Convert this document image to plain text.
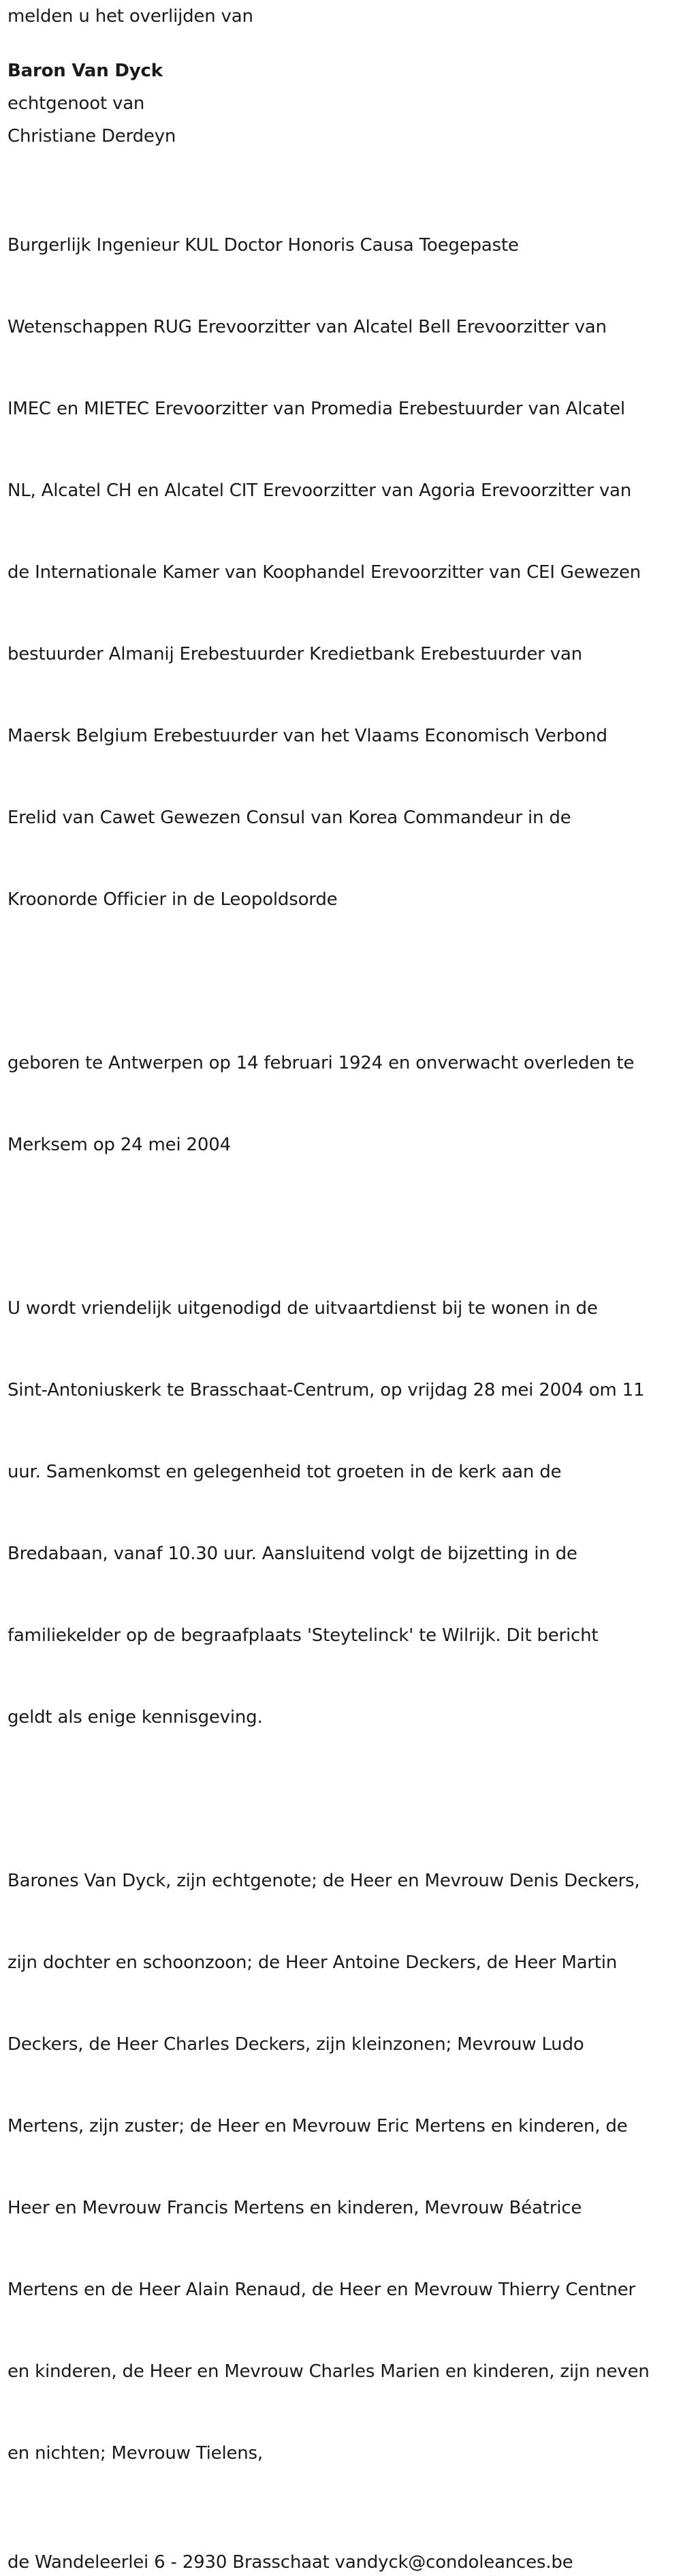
melden u het overlijden van

Baron Van Dyck

echtgenoot van

Christiane Derdeyn

Burgerlijk Ingenieur KUL Doctor Honoris Causa Toegepaste

Wetenschappen RUG Erevoorzitter van Alcatel Bell Erevoorzitter van

IMEC en MIETEC Erevoorzitter van Promedia Erebestuurder van Alcatel

NL, Alcatel CH en Alcatel CIT Erevoorzitter van Agoria Erevoorzitter van

de Internationale Kamer van Koophandel Erevoorzitter van CEI Gewezen

bestuurder Almanij Erebestuurder Kredietbank Erebestuurder van

Maersk Belgium Erebestuurder van het Vlaams Economisch Verbond

Erelid van Cawet Gewezen Consul van Korea Commandeur in de

Kroonorde Officier in de Leopoldsorde

geboren te Antwerpen op 14 februari 1924 en onverwacht overleden te

Merksem op 24 mei 2004

U wordt vriendelijk uitgenodigd de uitvaartdienst bij te wonen in de

Sint-Antoniuskerk te Brasschaat-Centrum, op vrijdag 28 mei 2004 om 11

uur. Samenkomst en gelegenheid tot groeten in de kerk aan de

Bredabaan, vanaf 10.30 uur. Aansluitend volgt de bijzetting in de

familiekelder op de begraafplaats 'Steytelinck' te Wilrijk. Dit bericht

geldt als enige kennisgeving.

Barones Van Dyck, zijn echtgenote; de Heer en Mevrouw Denis Deckers,

zijn dochter en schoonzoon; de Heer Antoine Deckers, de Heer Martin

Deckers, de Heer Charles Deckers, zijn kleinzonen; Mevrouw Ludo

Mertens, zijn zuster; de Heer en Mevrouw Eric Mertens en kinderen, de

Heer en Mevrouw Francis Mertens en kinderen, Mevrouw Béatrice

Mertens en de Heer Alain Renaud, de Heer en Mevrouw Thierry Centner

en kinderen, de Heer en Mevrouw Charles Marien en kinderen, zijn neven

en nichten; Mevrouw Tielens,

de Wandeleerlei 6 - 2930 Brasschaat vandyck@condoleances.be
